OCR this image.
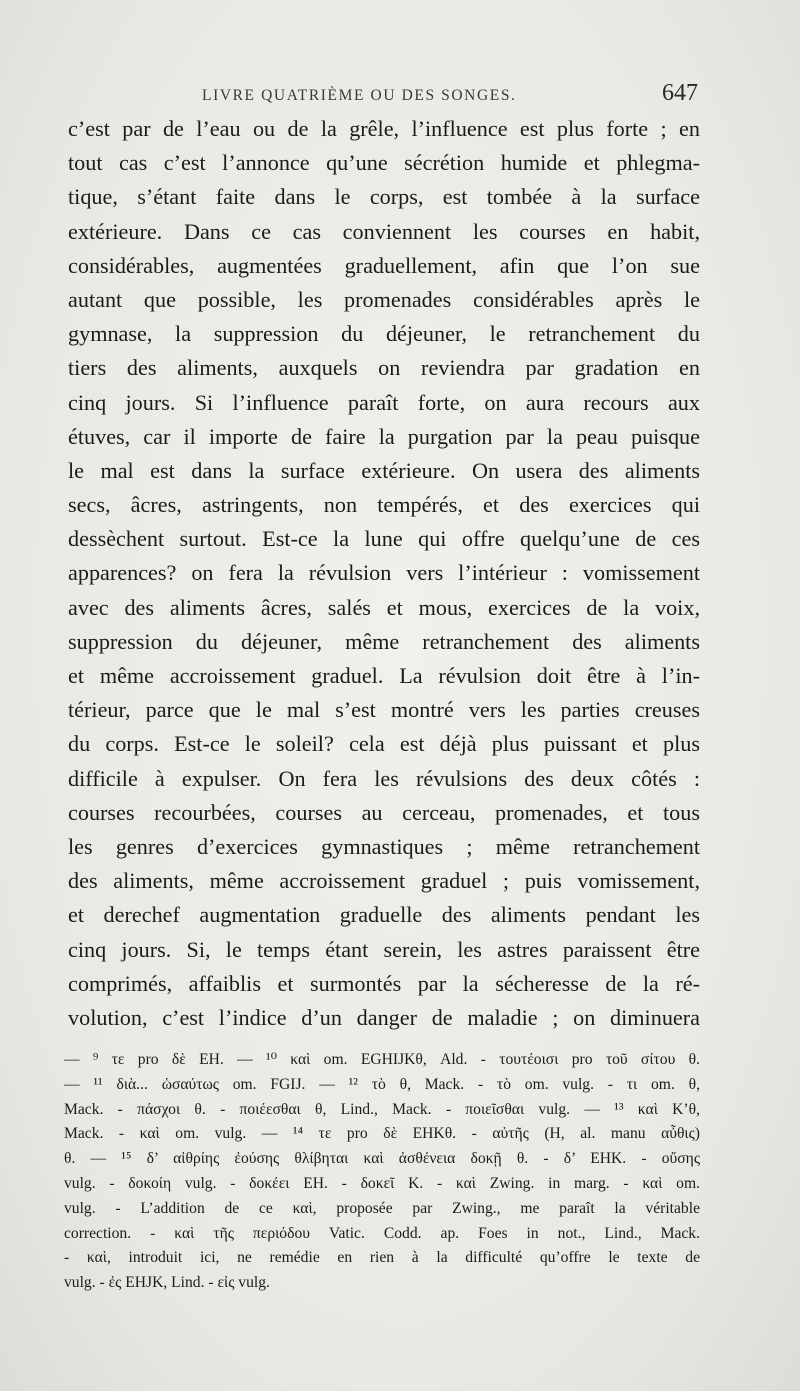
LIVRE QUATRIÈME OU DES SONGES.	647
c’est par de l’eau ou de la grêle, l’influence est plus forte ; en
tout cas c’est l’annonce qu’une sécrétion humide et phlegma-
tique, s’étant faite dans le corps, est tombée à la surface
extérieure. Dans ce cas conviennent les courses en habit,
considérables, augmentées graduellement, afin que l’on sue
autant que possible, les promenades considérables après le
gymnase, la suppression du déjeuner, le retranchement du
tiers des aliments, auxquels on reviendra par gradation en
cinq jours. Si l’influence paraît forte, on aura recours aux
étuves, car il importe de faire la purgation par la peau puisque
le mal est dans la surface extérieure. On usera des aliments
secs, âcres, astringents, non tempérés, et des exercices qui
dessèchent surtout. Est-ce la lune qui offre quelqu’une de ces
apparences? on fera la révulsion vers l’intérieur : vomissement
avec des aliments âcres, salés et mous, exercices de la voix,
suppression du déjeuner, même retranchement des aliments
et même accroissement graduel. La révulsion doit être à l’in-
térieur, parce que le mal s’est montré vers les parties creuses
du corps. Est-ce le soleil? cela est déjà plus puissant et plus
difficile à expulser. On fera les révulsions des deux côtés :
courses recourbées, courses au cerceau, promenades, et tous
les genres d’exercices gymnastiques ; même retranchement
des aliments, même accroissement graduel ; puis vomissement,
et derechef augmentation graduelle des aliments pendant les
cinq jours. Si, le temps étant serein, les astres paraissent être
comprimés, affaiblis et surmontés par la sécheresse de la ré-
volution, c’est l’indice d’un danger de maladie ; on diminuera
— ⁹ τε pro δὲ EH. — ¹⁰ καὶ om. EGHIJKθ, Ald. - τουτέοισι pro τοῦ σίτου θ.
— ¹¹ διὰ... ὡσαύτως om. FGIJ. — ¹² τὸ θ, Mack. - τὸ om. vulg. - τι om. θ,
Mack. - πάσχοι θ. - ποιέεσθαι θ, Lind., Mack. - ποιεῖσθαι vulg. — ¹³ καὶ K’θ,
Mack. - καὶ om. vulg. — ¹⁴ τε pro δὲ EHKθ. - αὐτῆς (H, al. manu αὖθις)
θ. — ¹⁵ δ’ αἰθρίης ἐούσης θλίβηται καὶ ἀσθένεια δοκῇ θ. - δ’ EHK. - οὔσης
vulg. - δοκοίη vulg. - δοκέει EH. - δοκεῖ K. - καὶ Zwing. in marg. - καὶ om.
vulg. - L’addition de ce καὶ, proposée par Zwing., me paraît la véritable
correction. - καὶ τῆς περιόδου Vatic. Codd. ap. Foes in not., Lind., Mack.
- καὶ, introduit ici, ne remédie en rien à la difficulté qu’offre le texte de
vulg. - ἐς EHJK, Lind. - εἰς vulg.
